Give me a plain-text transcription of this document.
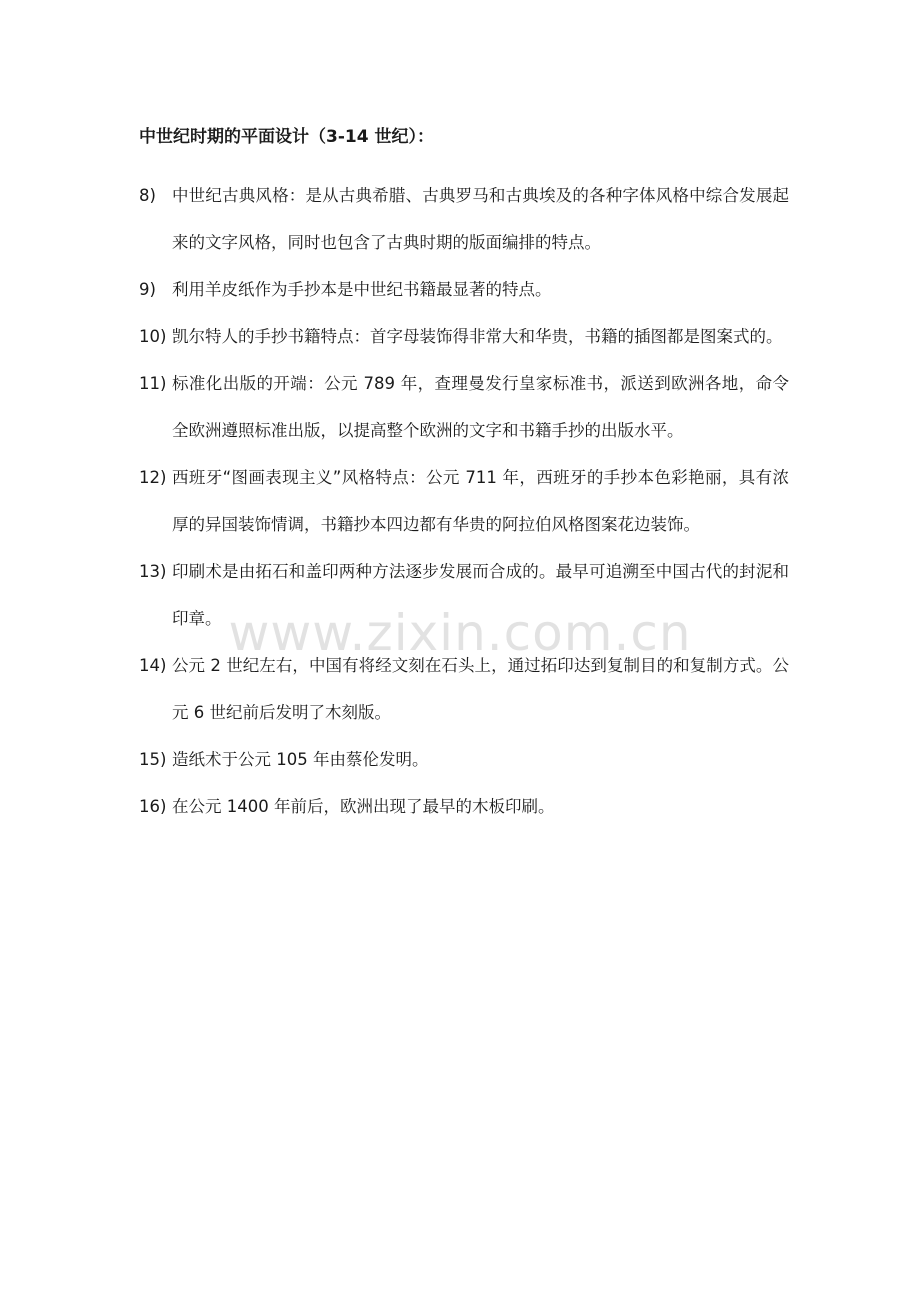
中世纪时期的平面设计（3-14 世纪）：
8) 中世纪古典风格：是从古典希腊、古典罗马和古典埃及的各种字体风格中综合发展起来的文字风格，同时也包含了古典时期的版面编排的特点。
9) 利用羊皮纸作为手抄本是中世纪书籍最显著的特点。
10) 凯尔特人的手抄书籍特点：首字母装饰得非常大和华贵，书籍的插图都是图案式的。
11) 标准化出版的开端：公元 789 年，查理曼发行皇家标准书，派送到欧洲各地，命令全欧洲遵照标准出版，以提高整个欧洲的文字和书籍手抄的出版水平。
12) 西班牙“图画表现主义”风格特点：公元 711 年，西班牙的手抄本色彩艳丽，具有浓厚的异国装饰情调，书籍抄本四边都有华贵的阿拉伯风格图案花边装饰。
13) 印刷术是由拓石和盖印两种方法逐步发展而合成的。最早可追溯至中国古代的封泥和印章。
14) 公元 2 世纪左右，中国有将经文刻在石头上，通过拓印达到复制目的和复制方式。公元 6 世纪前后发明了木刻版。
15) 造纸术于公元 105 年由蔡伦发明。
16) 在公元 1400 年前后，欧洲出现了最早的木板印刷。
www.zixin.com.cn
